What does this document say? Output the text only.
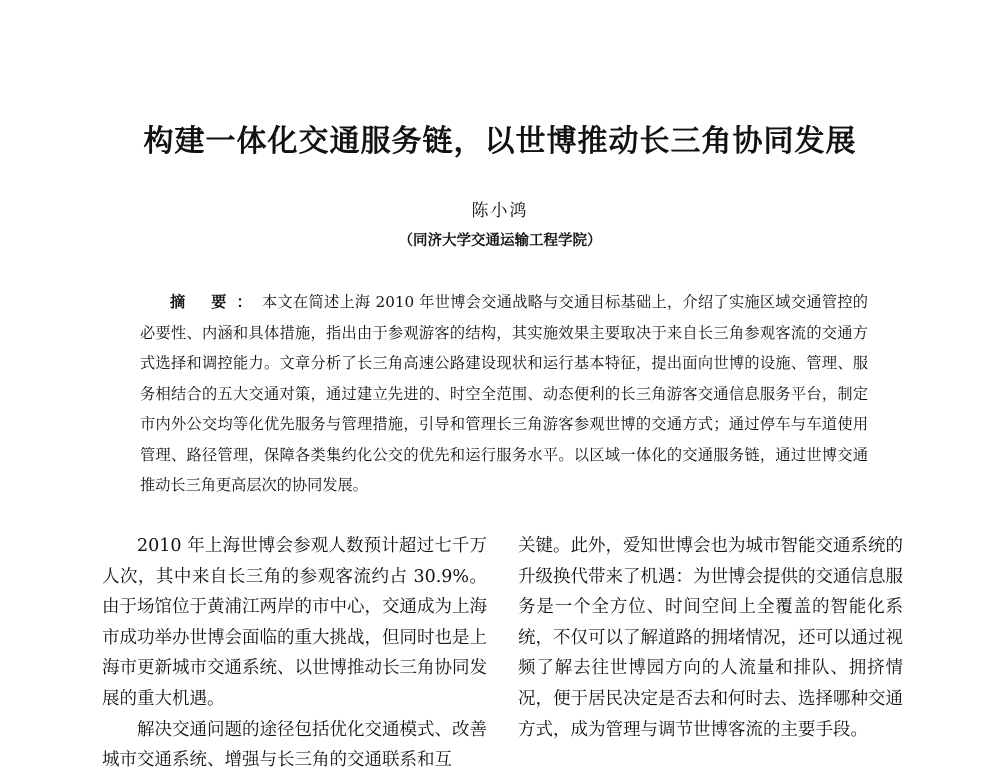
构建一体化交通服务链，以世博推动长三角协同发展
陈小鸿
（同济大学交通运输工程学院）
摘 要：本文在简述上海 2010 年世博会交通战略与交通目标基础上，介绍了实施区域交通管控的必要性、内涵和具体措施，指出由于参观游客的结构，其实施效果主要取决于来自长三角参观客流的交通方式选择和调控能力。文章分析了长三角高速公路建设现状和运行基本特征，提出面向世博的设施、管理、服务相结合的五大交通对策，通过建立先进的、时空全范围、动态便利的长三角游客交通信息服务平台，制定市内外公交均等化优先服务与管理措施，引导和管理长三角游客参观世博的交通方式；通过停车与车道使用管理、路径管理，保障各类集约化公交的优先和运行服务水平。以区域一体化的交通服务链，通过世博交通推动长三角更高层次的协同发展。

2010 年上海世博会参观人数预计超过七千万人次，其中来自长三角的参观客流约占 30.9%。由于场馆位于黄浦江两岸的市中心，交通成为上海市成功举办世博会面临的重大挑战，但同时也是上海市更新城市交通系统、以世博推动长三角协同发展的重大机遇。

解决交通问题的途径包括优化交通模式、改善城市交通系统、增强与长三角的交通联系和互

关键。此外，爱知世博会也为城市智能交通系统的升级换代带来了机遇：为世博会提供的交通信息服务是一个全方位、时间空间上全覆盖的智能化系统，不仅可以了解道路的拥堵情况，还可以通过视频了解去往世博园方向的人流量和排队、拥挤情况，便于居民决定是否去和何时去、选择哪种交通方式，成为管理与调节世博客流的主要手段。
